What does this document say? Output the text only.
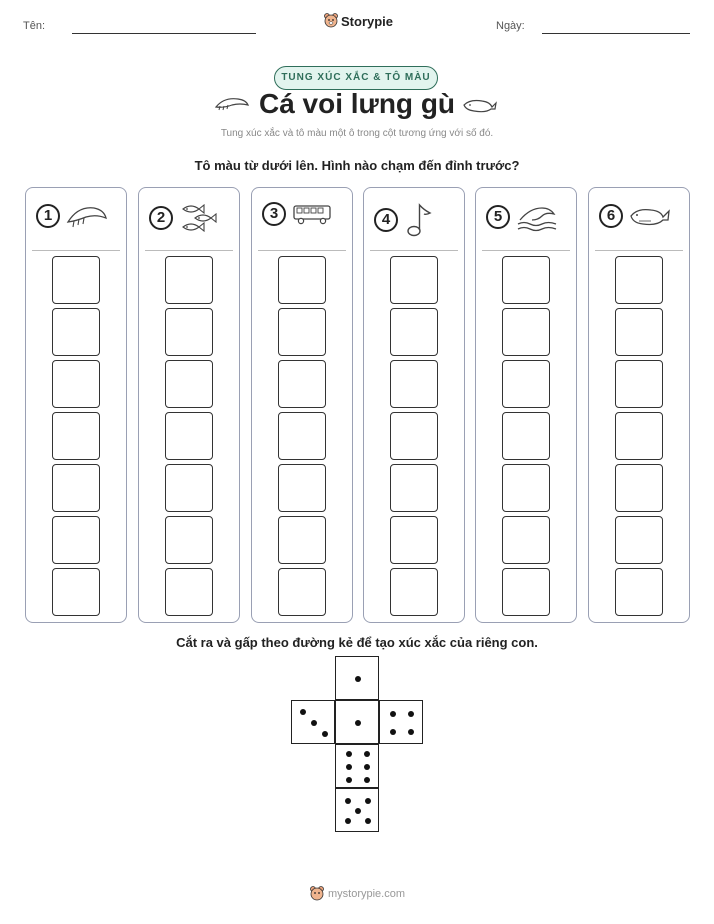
Tên:	Storypie	Ngày:
TUNG XÚC XẮC & TÔ MÀU
Cá voi lưng gù
Tung xúc xắc và tô màu một ô trong cột tương ứng với số đó.
Tô màu từ dưới lên. Hình nào chạm đến đỉnh trước?
1	2	3	4	5	6
Cắt ra và gấp theo đường kẻ để tạo xúc xắc của riêng con.
mystorypie.com
